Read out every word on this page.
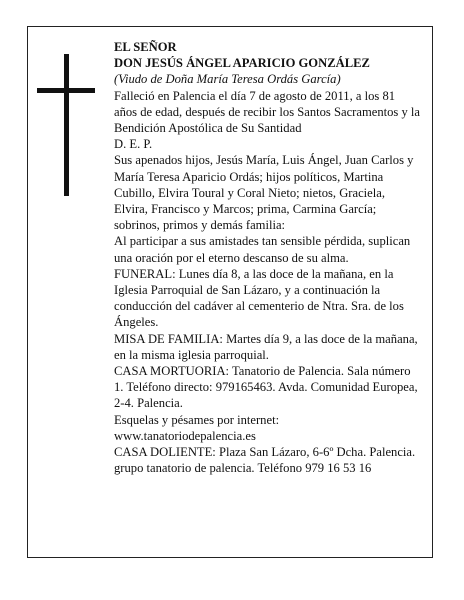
EL SEÑOR

DON JESÚS ÁNGEL APARICIO GONZÁLEZ

(Viudo de Doña María Teresa Ordás García)

Falleció en Palencia el día 7 de agosto de 2011, a los 81 años de edad, después de recibir los Santos Sacramentos y la Bendición Apostólica de Su Santidad

D. E. P.

Sus apenados hijos, Jesús María, Luis Ángel, Juan Carlos y María Teresa Aparicio Ordás; hijos políticos, Martina Cubillo, Elvira Toural y Coral Nieto; nietos, Graciela, Elvira, Francisco y Marcos; prima, Carmina García; sobrinos, primos y demás familia:

Al participar a sus amistades tan sensible pérdida, suplican una oración por el eterno descanso de su alma.

FUNERAL: Lunes día 8, a las doce de la mañana, en la Iglesia Parroquial de San Lázaro, y a continuación la conducción del cadáver al cementerio de Ntra. Sra. de los Ángeles.

MISA DE FAMILIA: Martes día 9, a las doce de la mañana, en la misma iglesia parroquial.

CASA MORTUORIA: Tanatorio de Palencia. Sala número 1. Teléfono directo: 979165463. Avda. Comunidad Europea, 2-4. Palencia.

Esquelas y pésames por internet:

www.tanatoriodepalencia.es

CASA DOLIENTE: Plaza San Lázaro, 6-6º Dcha. Palencia.

grupo tanatorio de palencia. Teléfono 979 16 53 16
